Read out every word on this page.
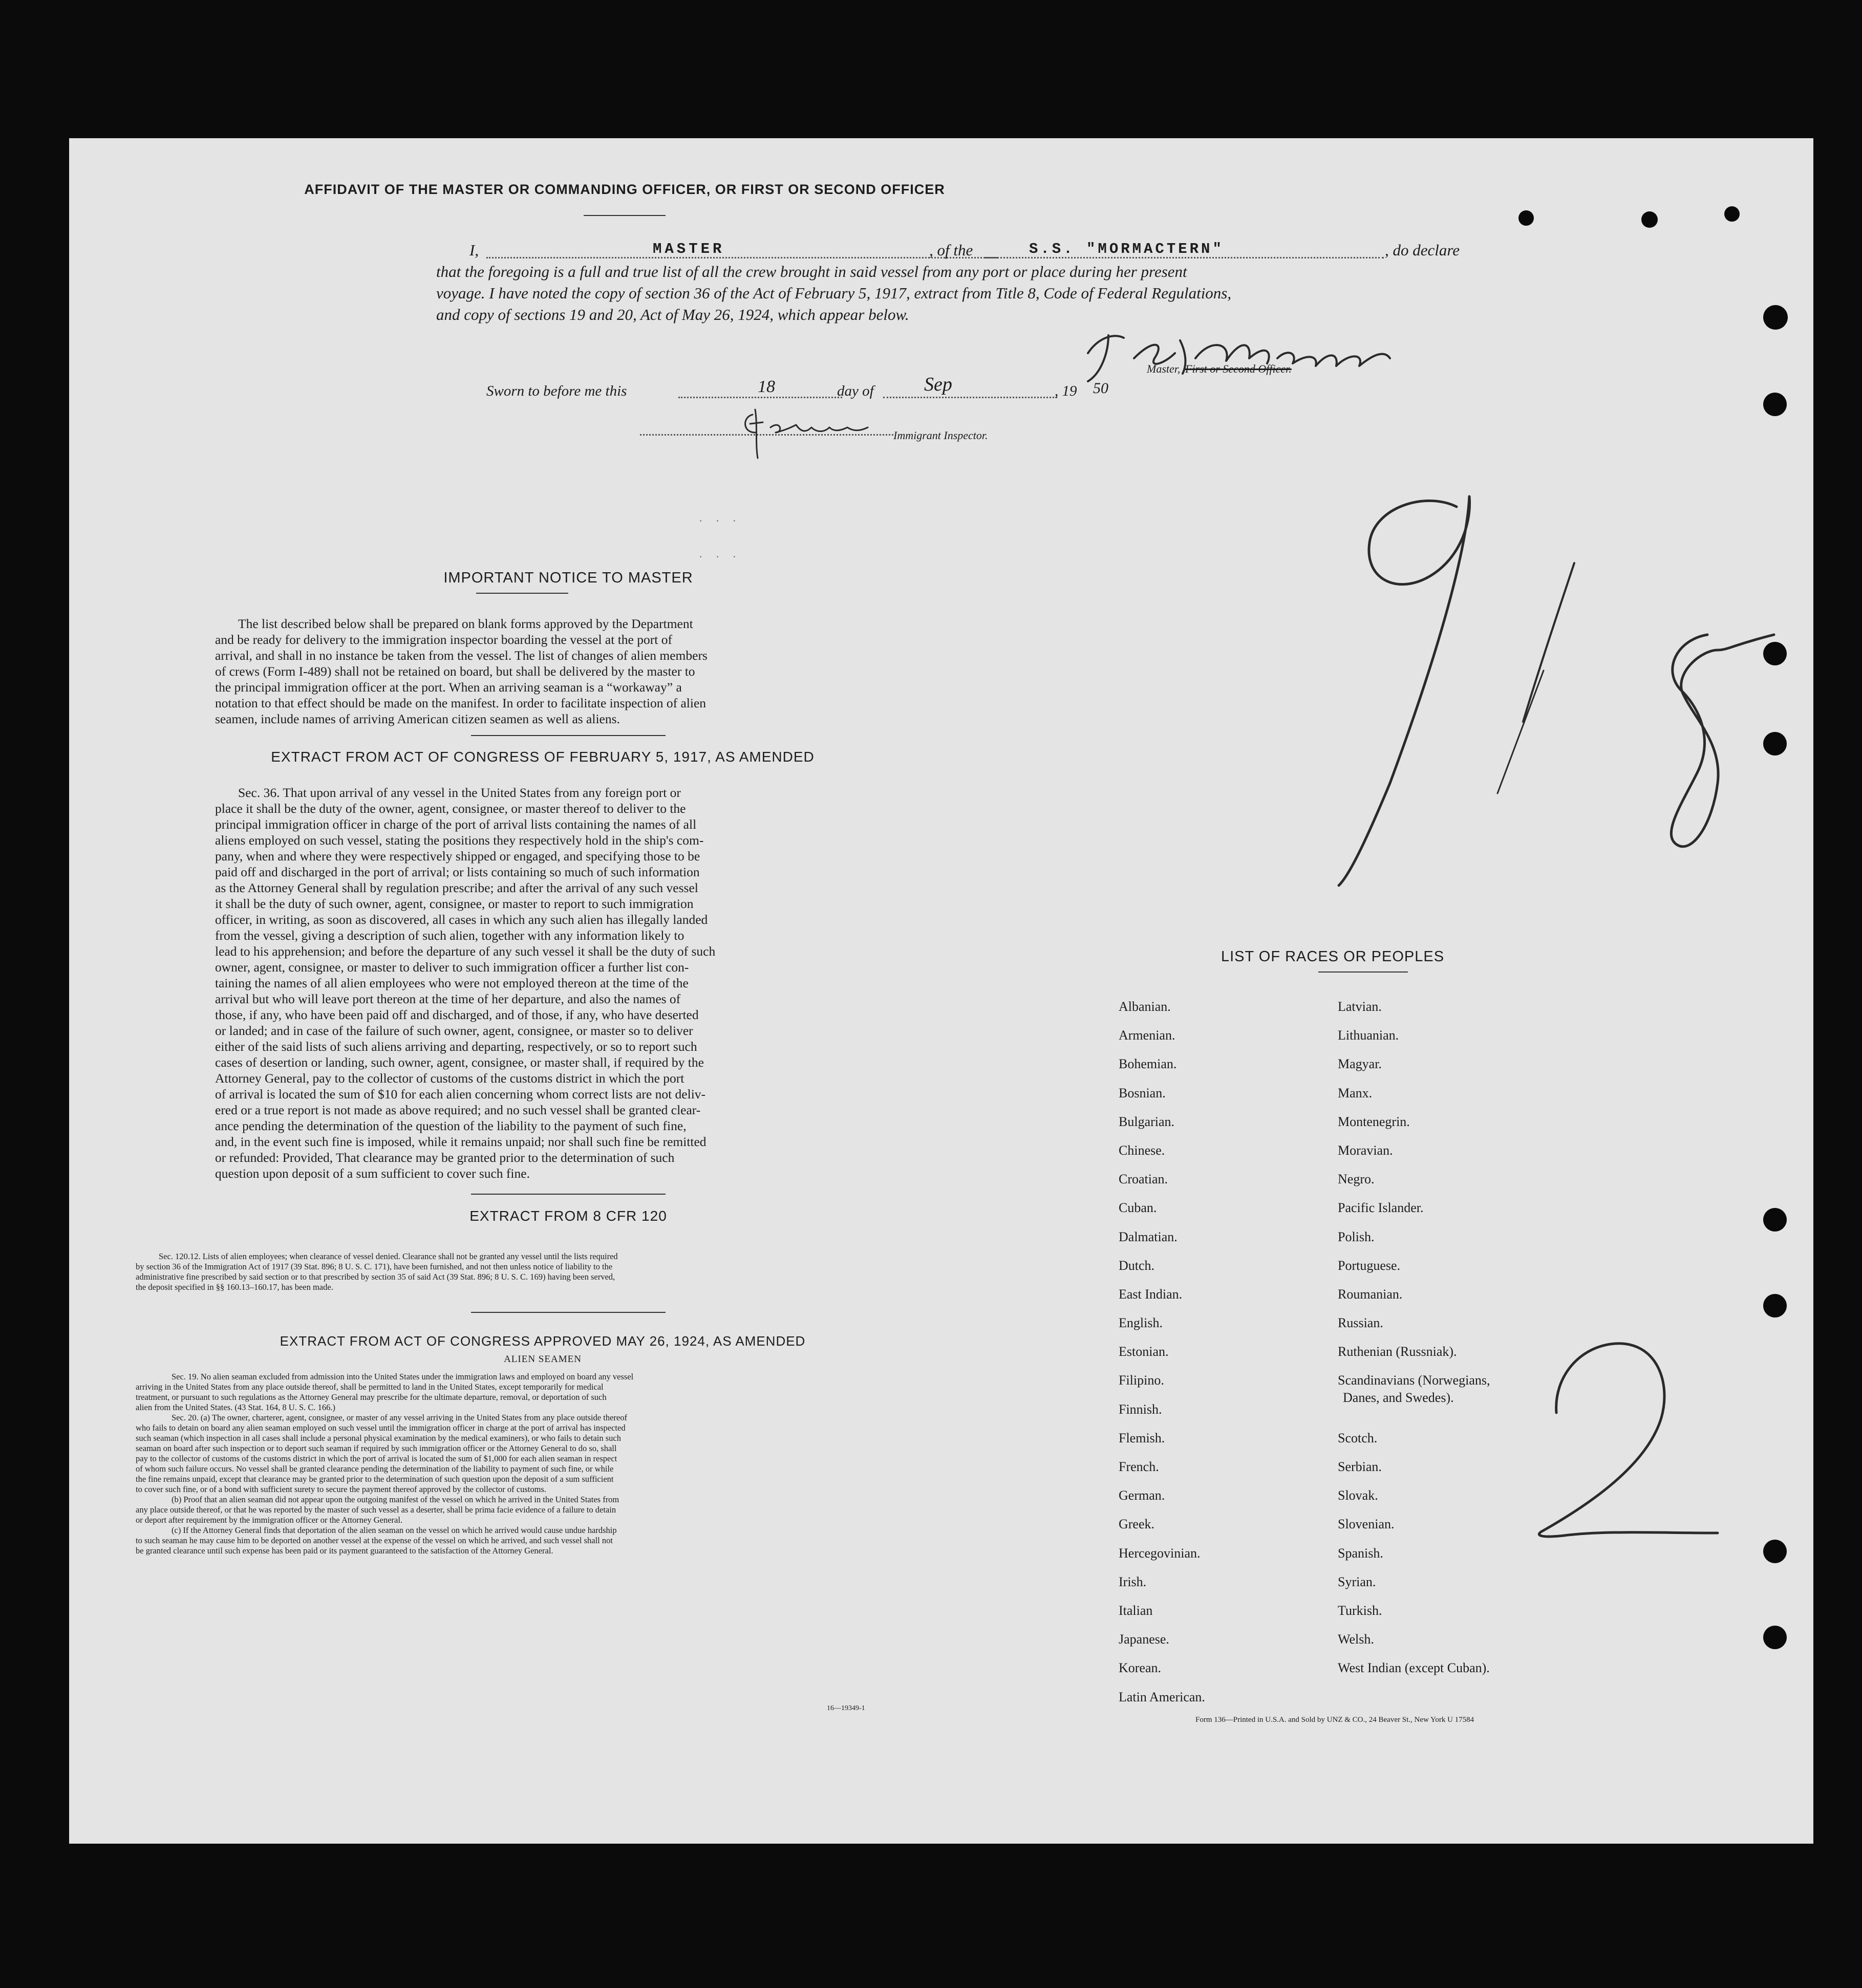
AFFIDAVIT OF THE MASTER OR COMMANDING OFFICER, OR FIRST OR SECOND OFFICER
I,	MASTER	, of the	S.S. "MORMACTERN"	, do declare
that the foregoing is a full and true list of all the crew brought in said vessel from any port or place during her present
voyage. I have noted the copy of section 36 of the Act of February 5, 1917, extract from Title 8, Code of Federal Regulations,
and copy of sections 19 and 20, Act of May 26, 1924, which appear below.
Master, First or Second Officer.
Sworn to before me this	18	day of	Sep	, 19 50
Immigrant Inspector.
IMPORTANT NOTICE TO MASTER
The list described below shall be prepared on blank forms approved by the Department
and be ready for delivery to the immigration inspector boarding the vessel at the port of
arrival, and shall in no instance be taken from the vessel. The list of changes of alien members
of crews (Form I-489) shall not be retained on board, but shall be delivered by the master to
the principal immigration officer at the port. When an arriving seaman is a “workaway” a
notation to that effect should be made on the manifest. In order to facilitate inspection of alien
seamen, include names of arriving American citizen seamen as well as aliens.
EXTRACT FROM ACT OF CONGRESS OF FEBRUARY 5, 1917, AS AMENDED
Sec. 36. That upon arrival of any vessel in the United States from any foreign port or
place it shall be the duty of the owner, agent, consignee, or master thereof to deliver to the
principal immigration officer in charge of the port of arrival lists containing the names of all
aliens employed on such vessel, stating the positions they respectively hold in the ship's com-
pany, when and where they were respectively shipped or engaged, and specifying those to be
paid off and discharged in the port of arrival; or lists containing so much of such information
as the Attorney General shall by regulation prescribe; and after the arrival of any such vessel
it shall be the duty of such owner, agent, consignee, or master to report to such immigration
officer, in writing, as soon as discovered, all cases in which any such alien has illegally landed
from the vessel, giving a description of such alien, together with any information likely to
lead to his apprehension; and before the departure of any such vessel it shall be the duty of such
owner, agent, consignee, or master to deliver to such immigration officer a further list con-
taining the names of all alien employees who were not employed thereon at the time of the
arrival but who will leave port thereon at the time of her departure, and also the names of
those, if any, who have been paid off and discharged, and of those, if any, who have deserted
or landed; and in case of the failure of such owner, agent, consignee, or master so to deliver
either of the said lists of such aliens arriving and departing, respectively, or so to report such
cases of desertion or landing, such owner, agent, consignee, or master shall, if required by the
Attorney General, pay to the collector of customs of the customs district in which the port
of arrival is located the sum of $10 for each alien concerning whom correct lists are not deliv-
ered or a true report is not made as above required; and no such vessel shall be granted clear-
ance pending the determination of the question of the liability to the payment of such fine,
and, in the event such fine is imposed, while it remains unpaid; nor shall such fine be remitted
or refunded: Provided, That clearance may be granted prior to the determination of such
question upon deposit of a sum sufficient to cover such fine.
EXTRACT FROM 8 CFR 120
Sec. 120.12. Lists of alien employees; when clearance of vessel denied. Clearance shall not be granted any vessel until the lists required
by section 36 of the Immigration Act of 1917 (39 Stat. 896; 8 U. S. C. 171), have been furnished, and not then unless notice of liability to the
administrative fine prescribed by said section or to that prescribed by section 35 of said Act (39 Stat. 896; 8 U. S. C. 169) having been served,
the deposit specified in §§ 160.13–160.17, has been made.
EXTRACT FROM ACT OF CONGRESS APPROVED MAY 26, 1924, AS AMENDED
ALIEN SEAMEN
Sec. 19. No alien seaman excluded from admission into the United States under the immigration laws and employed on board any vessel
arriving in the United States from any place outside thereof, shall be permitted to land in the United States, except temporarily for medical
treatment, or pursuant to such regulations as the Attorney General may prescribe for the ultimate departure, removal, or deportation of such
alien from the United States. (43 Stat. 164, 8 U. S. C. 166.)
Sec. 20. (a) The owner, charterer, agent, consignee, or master of any vessel arriving in the United States from any place outside thereof
who fails to detain on board any alien seaman employed on such vessel until the immigration officer in charge at the port of arrival has inspected
such seaman (which inspection in all cases shall include a personal physical examination by the medical examiners), or who fails to detain such
seaman on board after such inspection or to deport such seaman if required by such immigration officer or the Attorney General to do so, shall
pay to the collector of customs of the customs district in which the port of arrival is located the sum of $1,000 for each alien seaman in respect
of whom such failure occurs. No vessel shall be granted clearance pending the determination of the liability to payment of such fine, or while
the fine remains unpaid, except that clearance may be granted prior to the determination of such question upon the deposit of a sum sufficient
to cover such fine, or of a bond with sufficient surety to secure the payment thereof approved by the collector of customs.
(b) Proof that an alien seaman did not appear upon the outgoing manifest of the vessel on which he arrived in the United States from
any place outside thereof, or that he was reported by the master of such vessel as a deserter, shall be prima facie evidence of a failure to detain
or deport after requirement by the immigration officer or the Attorney General.
(c) If the Attorney General finds that deportation of the alien seaman on the vessel on which he arrived would cause undue hardship
to such seaman he may cause him to be deported on another vessel at the expense of the vessel on which he arrived, and such vessel shall not
be granted clearance until such expense has been paid or its payment guaranteed to the satisfaction of the Attorney General.
16—19349-1
LIST OF RACES OR PEOPLES
Albanian.
Armenian.
Bohemian.
Bosnian.
Bulgarian.
Chinese.
Croatian.
Cuban.
Dalmatian.
Dutch.
East Indian.
English.
Estonian.
Filipino.
Finnish.
Flemish.
French.
German.
Greek.
Hercegovinian.
Irish.
Italian
Japanese.
Korean.
Latin American.
Latvian.
Lithuanian.
Magyar.
Manx.
Montenegrin.
Moravian.
Negro.
Pacific Islander.
Polish.
Portuguese.
Roumanian.
Russian.
Ruthenian (Russniak).
Scandinavians (Norwegians,
Danes, and Swedes).
Scotch.
Serbian.
Slovak.
Slovenian.
Spanish.
Syrian.
Turkish.
Welsh.
West Indian (except Cuban).
Form 136—Printed in U.S.A. and Sold by UNZ & CO., 24 Beaver St., New York U 17584
· · ·
· · ·
